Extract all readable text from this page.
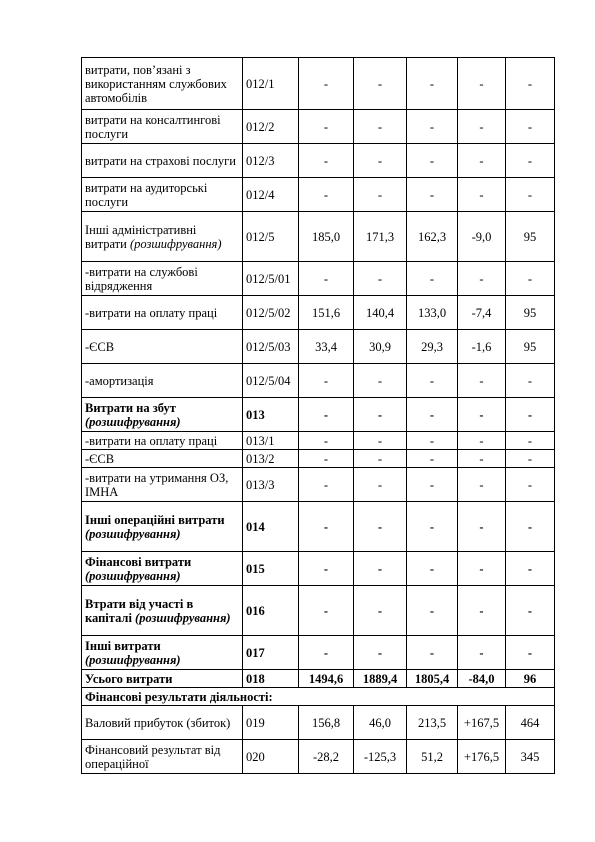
витрати, пов’язані з використанням службових автомобілів	012/1	-	-	-	-	-
витрати на консалтингові послуги	012/2	-	-	-	-	-
витрати на страхові послуги	012/3	-	-	-	-	-
витрати на аудиторські послуги	012/4	-	-	-	-	-
Інші адміністративні витрати (розшифрування)	012/5	185,0	171,3	162,3	-9,0	95
-витрати на службові відрядження	012/5/01	-	-	-	-	-
-витрати на оплату праці	012/5/02	151,6	140,4	133,0	-7,4	95
-ЄСВ	012/5/03	33,4	30,9	29,3	-1,6	95
-амортизація	012/5/04	-	-	-	-	-
Витрати на збут (розшифрування)	013	-	-	-	-	-
-витрати на оплату праці	013/1	-	-	-	-	-
-ЄСВ	013/2	-	-	-	-	-
-витрати на утримання ОЗ, ІМНА	013/3	-	-	-	-	-
Інші операційні витрати (розшифрування)	014	-	-	-	-	-
Фінансові витрати (розшифрування)	015	-	-	-	-	-
Втрати від участі в капіталі (розшифрування)	016	-	-	-	-	-
Інші витрати (розшифрування)	017	-	-	-	-	-
Усього витрати	018	1494,6	1889,4	1805,4	-84,0	96
Фінансові результати діяльності:						
Валовий прибуток (збиток)	019	156,8	46,0	213,5	+167,5	464
Фінансовий результат від операційної	020	-28,2	-125,3	51,2	+176,5	345
